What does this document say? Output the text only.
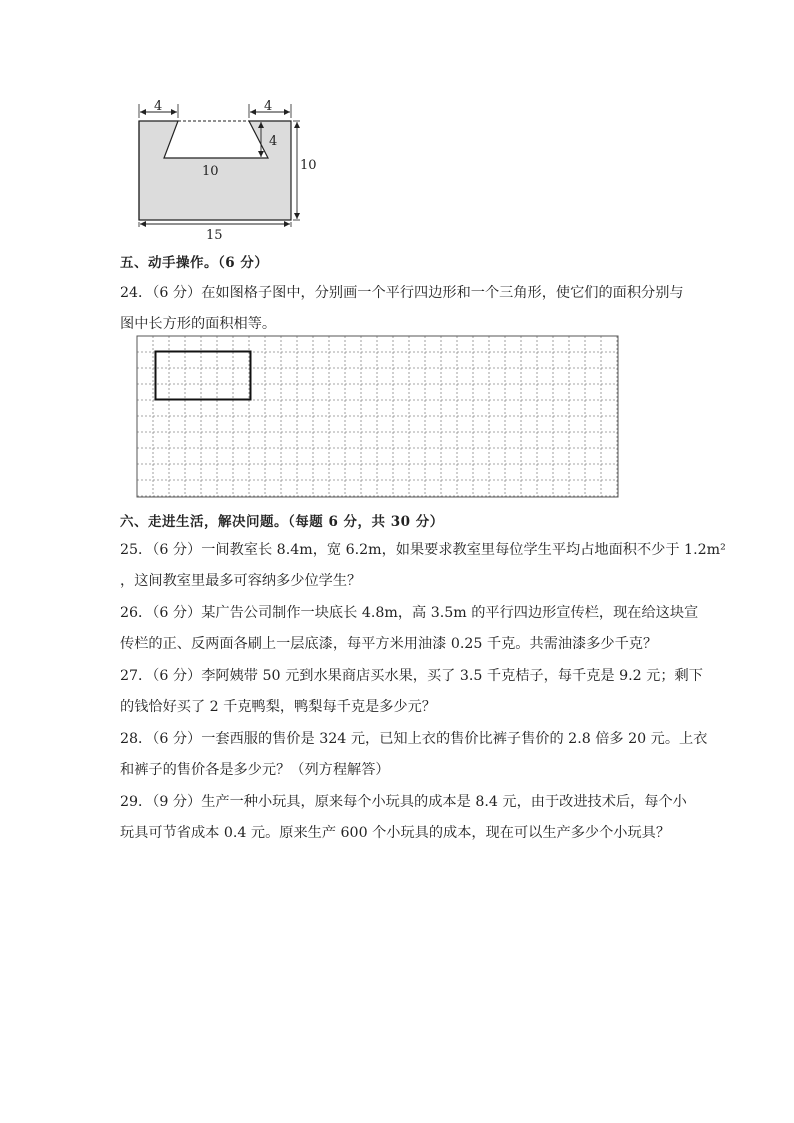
4	4
4
10	10
15
五、动手操作。（6 分）
24．（6 分）在如图格子图中，分别画一个平行四边形和一个三角形，使它们的面积分别与
图中长方形的面积相等。
六、走进生活，解决问题。（每题 6 分，共 30 分）
25．（6 分）一间教室长 8.4m，宽 6.2m，如果要求教室里每位学生平均占地面积不少于 1.2m²
，这间教室里最多可容纳多少位学生？
26．（6 分）某广告公司制作一块底长 4.8m，高 3.5m 的平行四边形宣传栏，现在给这块宣
传栏的正、反两面各刷上一层底漆，每平方米用油漆 0.25 千克。共需油漆多少千克？
27．（6 分）李阿姨带 50 元到水果商店买水果，买了 3.5 千克桔子，每千克是 9.2 元；剩下
的钱恰好买了 2 千克鸭梨，鸭梨每千克是多少元？
28．（6 分）一套西服的售价是 324 元，已知上衣的售价比裤子售价的 2.8 倍多 20 元。上衣
和裤子的售价各是多少元？（列方程解答）
29．（9 分）生产一种小玩具，原来每个小玩具的成本是 8.4 元，由于改进技术后，每个小
玩具可节省成本 0.4 元。原来生产 600 个小玩具的成本，现在可以生产多少个小玩具？
